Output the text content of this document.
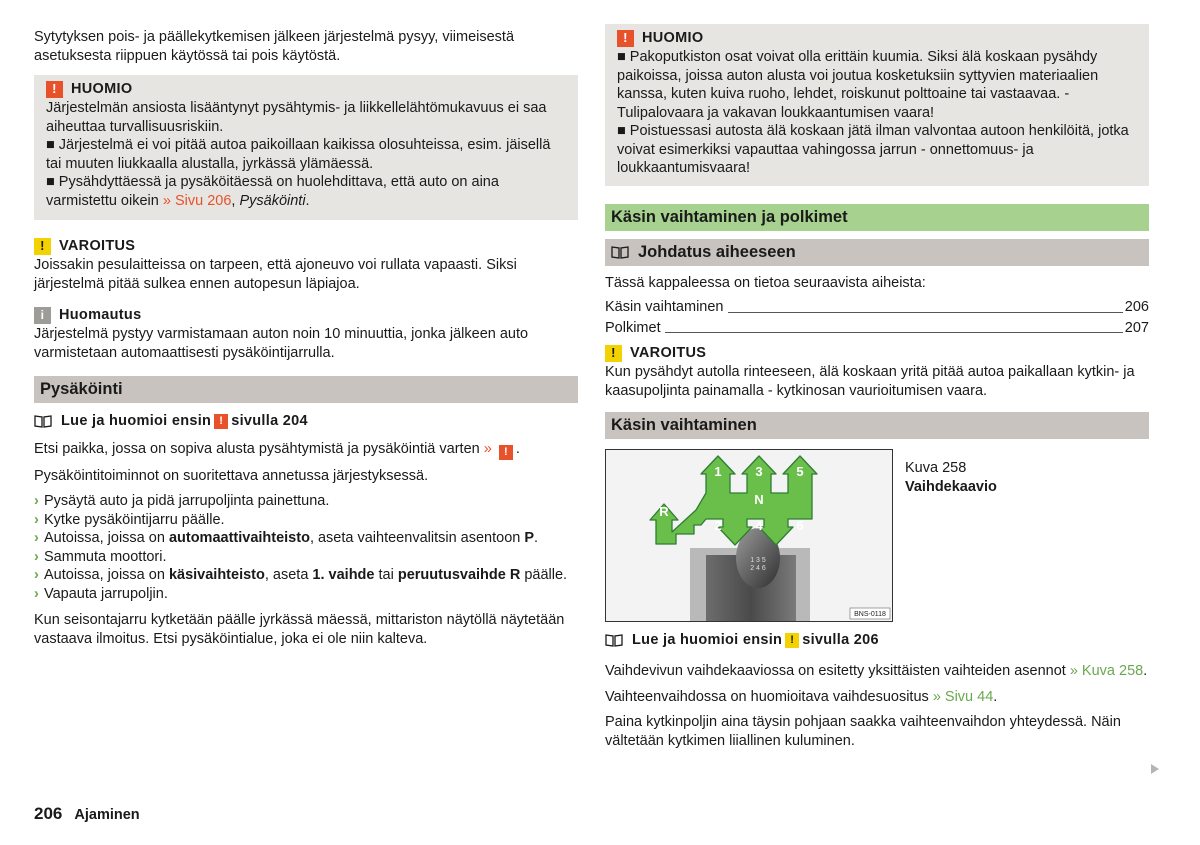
Sytytyksen pois- ja päällekytkemisen jälkeen järjestelmä pysyy, viimeisestä asetuksesta riippuen käytössä tai pois käytöstä.

! HUOMIO

Järjestelmän ansiosta lisääntynyt pysähtymis- ja liikkellelähtömukavuus ei saa aiheuttaa turvallisuusriskiin.

■ Järjestelmä ei voi pitää autoa paikoillaan kaikissa olosuhteissa, esim. jäisellä tai muuten liukkaalla alustalla, jyrkässä ylämäessä.

■ Pysähdyttäessä ja pysäköitäessä on huolehdittava, että auto on aina varmistettu oikein » Sivu 206, Pysäköinti.

! VAROITUS

Joissakin pesulaitteissa on tarpeen, että ajoneuvo voi rullata vapaasti. Siksi järjestelmä pitää sulkea ennen autopesun läpiajoa.

i	Huomautus

Järjestelmä pystyy varmistamaan auton noin 10 minuuttia, jonka jälkeen auto varmistetaan automaattisesti pysäköintijarrulla.

Pysäköinti
Lue ja huomioi ensin ! sivulla 204

Etsi paikka, jossa on sopiva alusta pysähtymistä ja pysäköintiä varten » ! .

Pysäköintitoiminnot on suoritettava annetussa järjestyksessä.

› Pysäytä auto ja pidä jarrupoljinta painettuna.
› Kytke pysäköintijarru päälle.
› Autoissa, joissa on automaattivaihteisto, aseta vaihteenvalitsin asentoon P.
› Sammuta moottori.
› Autoissa, joissa on käsivaihteisto, aseta 1. vaihde tai peruutusvaihde R päälle.
› Vapauta jarrupoljin.

Kun seisontajarru kytketään päälle jyrkässä mäessä, mittariston näytöllä näytetään vastaava ilmoitus. Etsi pysäköintialue, joka ei ole niin kalteva.

! HUOMIO

■ Pakoputkiston osat voivat olla erittäin kuumia. Siksi älä koskaan pysähdy paikoissa, joissa auton alusta voi joutua kosketuksiin syttyvien materiaalien kanssa, kuten kuiva ruoho, lehdet, roiskunut polttoaine tai vastaavaa. - Tulipalovaara ja vakavan loukkaantumisen vaara!

■ Poistuessasi autosta älä koskaan jätä ilman valvontaa autoon henkilöitä, jotka voivat esimerkiksi vapauttaa vahingossa jarrun - onnettomuus- ja loukkaantumisvaara!

Käsin vaihtaminen ja polkimet
Johdatus aiheeseen

Tässä kappaleessa on tietoa seuraavista aiheista:

Käsin vaihtaminen	206
Polkimet	207
! VAROITUS

Kun pysähdyt autolla rinteeseen, älä koskaan yritä pitää autoa paikallaan kytkin- ja kaasupoljinta painamalla - kytkinosan vaurioitumisen vaara.

Käsin vaihtaminen
1 3 5
2 4 6
1	3	5
R
N
2	4	6
BNS-0118

Kuva 258

Vaihdekaavio

Lue ja huomioi ensin ! sivulla 206

Vaihdevivun vaihdekaaviossa on esitetty yksittäisten vaihteiden asennot » Kuva 258.

Vaihteenvaihdossa on huomioitava vaihdesuositus » Sivu 44.

Paina kytkinpoljin aina täysin pohjaan saakka vaihteenvaihdon yhteydessä. Näin vältetään kytkimen liiallinen kuluminen.

206 Ajaminen
